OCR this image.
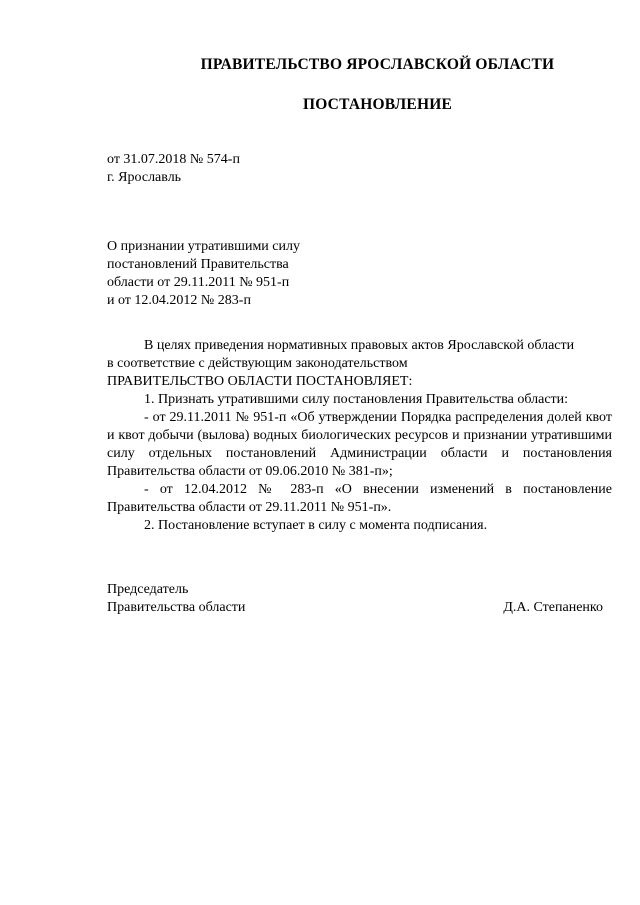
ПРАВИТЕЛЬСТВО ЯРОСЛАВСКОЙ ОБЛАСТИ
ПОСТАНОВЛЕНИЕ
от 31.07.2018 № 574-п
г. Ярославль
О признании утратившими силу
постановлений Правительства
области от 29.11.2011 № 951-п
и от 12.04.2012 № 283-п
В целях приведения нормативных правовых актов Ярославской области
в соответствие с действующим законодательством
ПРАВИТЕЛЬСТВО ОБЛАСТИ ПОСТАНОВЛЯЕТ:
1. Признать утратившими силу постановления Правительства области:
- от 29.11.2011 № 951-п «Об утверждении Порядка распределения долей квот и квот добычи (вылова) водных биологических ресурсов и признании утратившими силу отдельных постановлений Администрации области и постановления Правительства области от 09.06.2010 № 381-п»;
- от 12.04.2012 № 283-п «О внесении изменений в постановление Правительства области от 29.11.2011 № 951-п».
2. Постановление вступает в силу с момента подписания.
Председатель
Правительства области	Д.А. Степаненко
